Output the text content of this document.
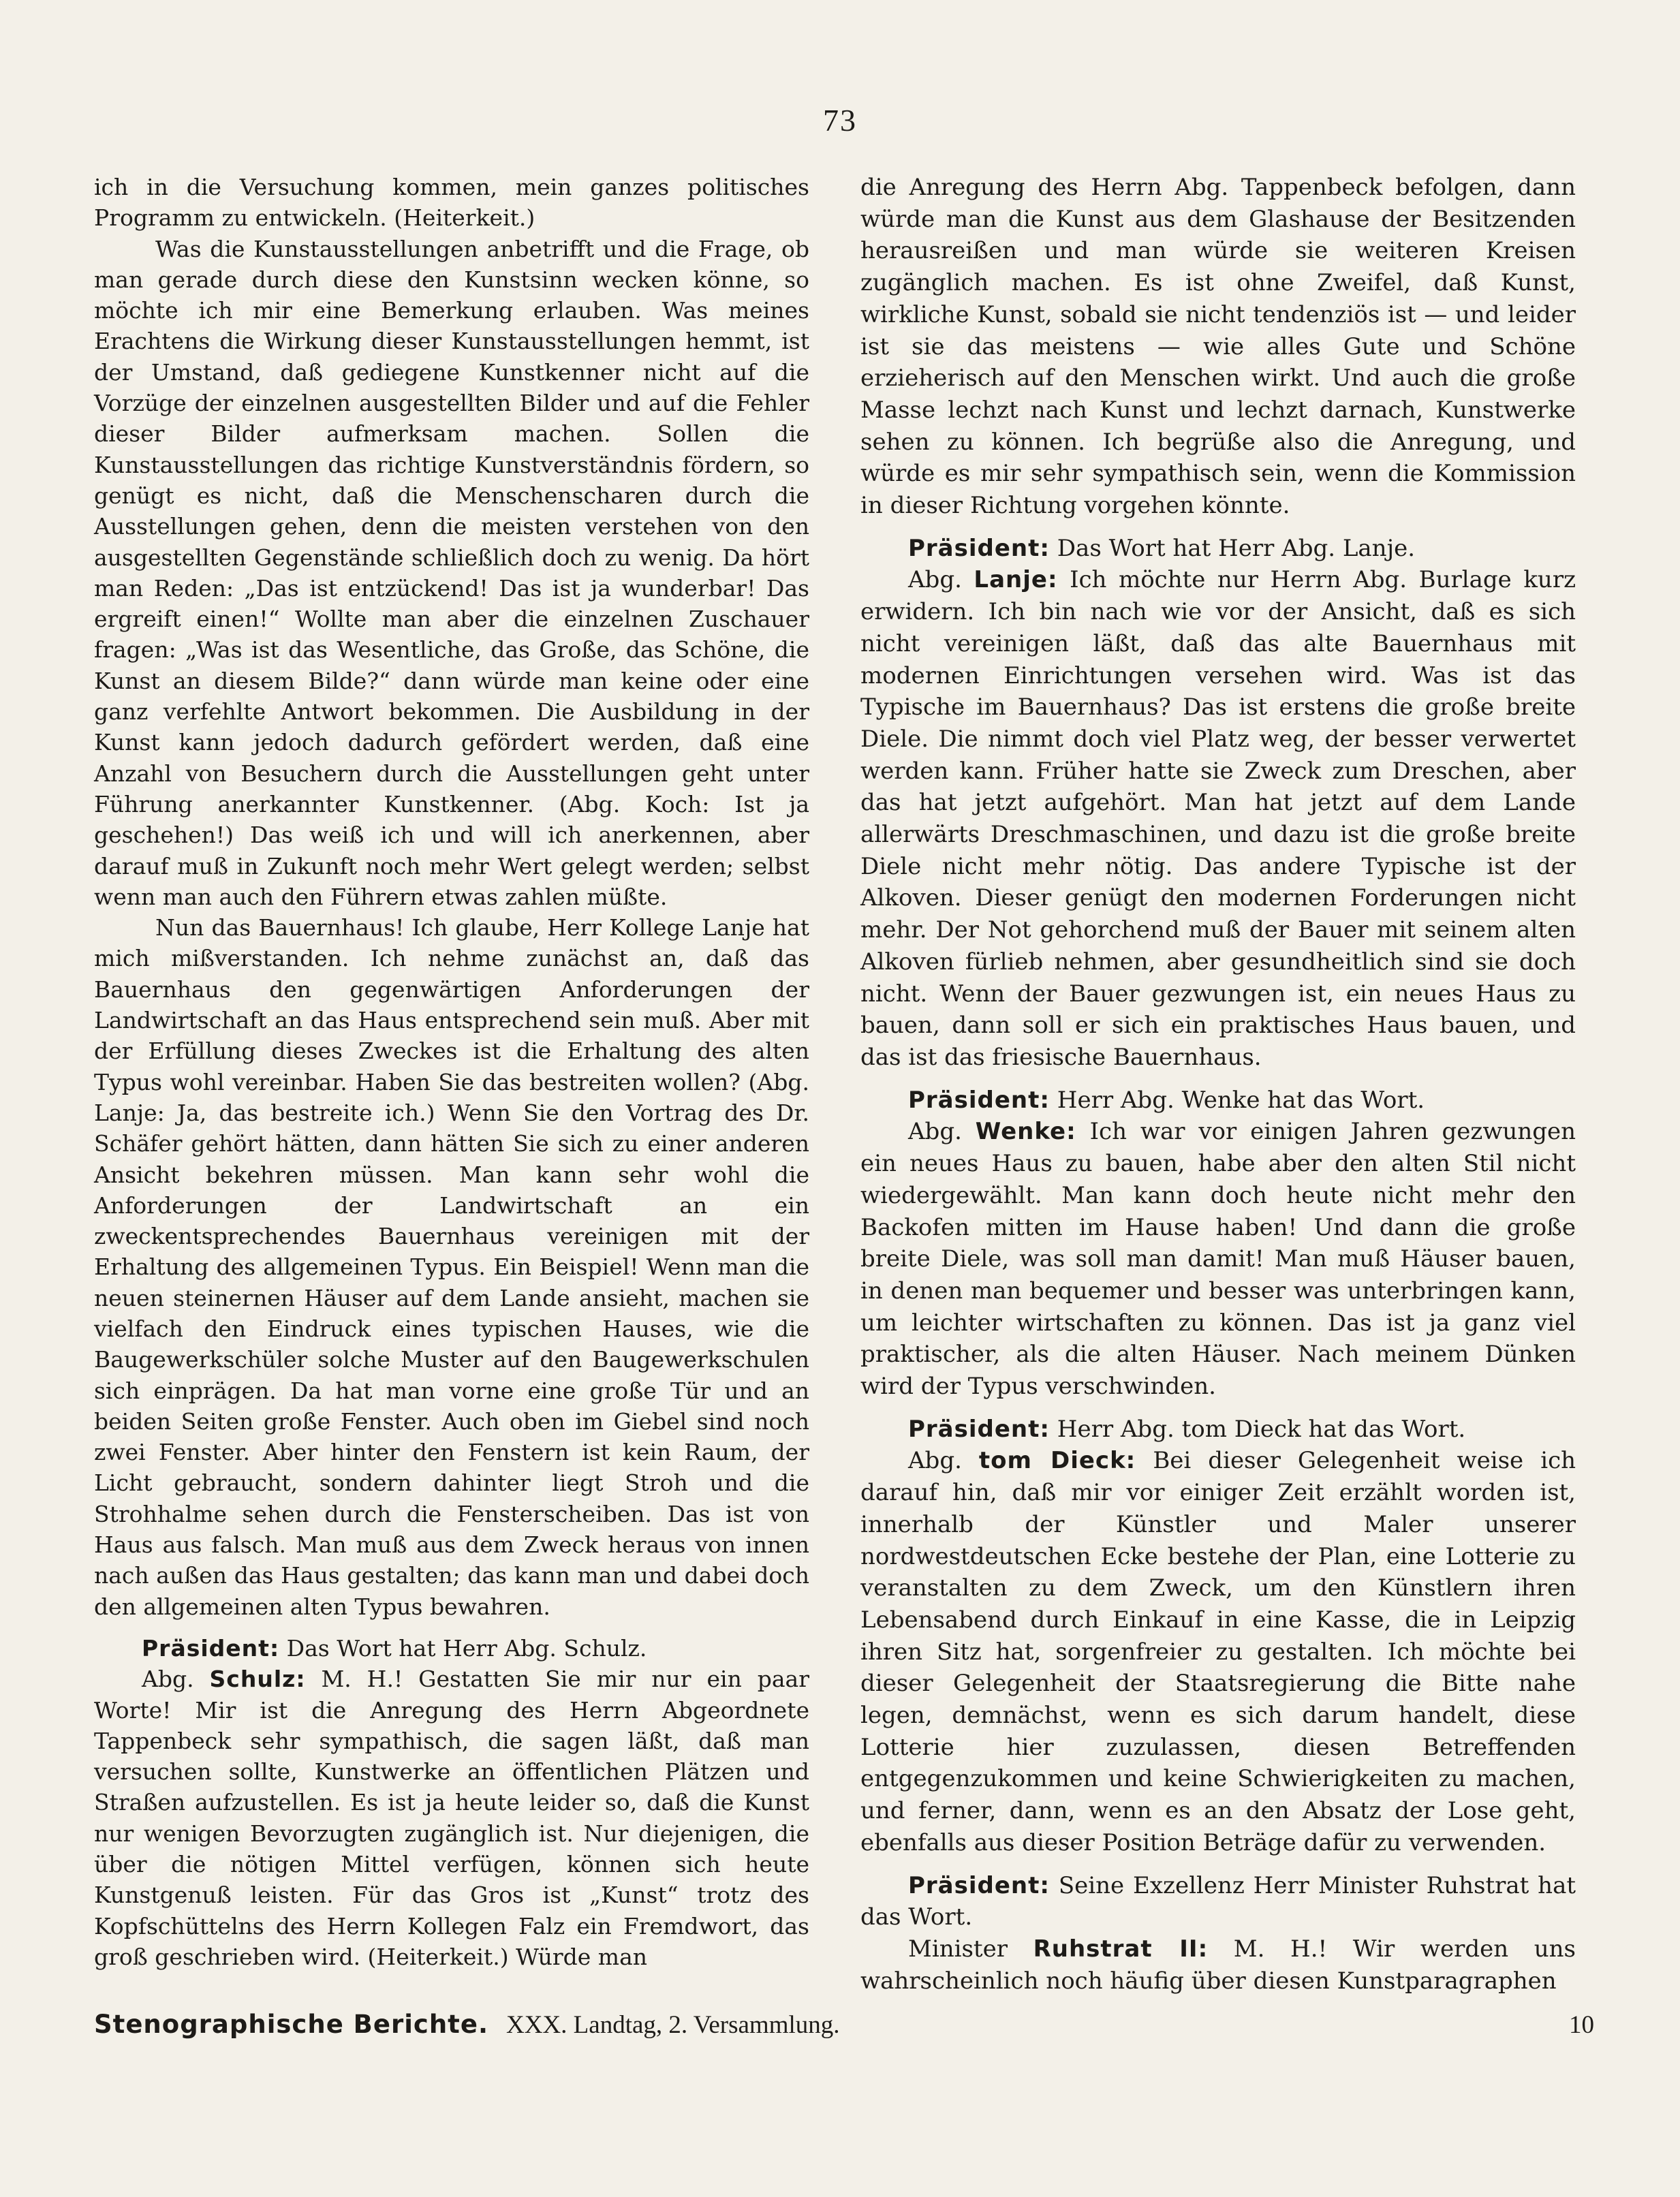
73

ich in die Versuchung kommen, mein ganzes politisches Programm zu entwickeln. (Heiterkeit.)

Was die Kunstausstellungen anbetrifft und die Frage, ob man gerade durch diese den Kunstsinn wecken könne, so möchte ich mir eine Bemerkung erlauben. Was meines Erachtens die Wirkung dieser Kunstausstellungen hemmt, ist der Umstand, daß gediegene Kunstkenner nicht auf die Vorzüge der einzelnen ausgestellten Bilder und auf die Fehler dieser Bilder aufmerksam machen. Sollen die Kunstausstellungen das richtige Kunstverständnis fördern, so genügt es nicht, daß die Menschenscharen durch die Ausstellungen gehen, denn die meisten verstehen von den ausgestellten Gegenstände schließlich doch zu wenig. Da hört man Reden: „Das ist entzückend! Das ist ja wunderbar! Das ergreift einen!“ Wollte man aber die einzelnen Zuschauer fragen: „Was ist das Wesentliche, das Große, das Schöne, die Kunst an diesem Bilde?“ dann würde man keine oder eine ganz verfehlte Antwort bekommen. Die Ausbildung in der Kunst kann jedoch dadurch gefördert werden, daß eine Anzahl von Besuchern durch die Ausstellungen geht unter Führung anerkannter Kunstkenner. (Abg. Koch: Ist ja geschehen!) Das weiß ich und will ich anerkennen, aber darauf muß in Zukunft noch mehr Wert gelegt werden; selbst wenn man auch den Führern etwas zahlen müßte.

Nun das Bauernhaus! Ich glaube, Herr Kollege Lanje hat mich mißverstanden. Ich nehme zunächst an, daß das Bauernhaus den gegenwärtigen Anforderungen der Landwirtschaft an das Haus entsprechend sein muß. Aber mit der Erfüllung dieses Zweckes ist die Erhaltung des alten Typus wohl vereinbar. Haben Sie das bestreiten wollen? (Abg. Lanje: Ja, das bestreite ich.) Wenn Sie den Vortrag des Dr. Schäfer gehört hätten, dann hätten Sie sich zu einer anderen Ansicht bekehren müssen. Man kann sehr wohl die Anforderungen der Landwirtschaft an ein zweckentsprechendes Bauernhaus vereinigen mit der Erhaltung des allgemeinen Typus. Ein Beispiel! Wenn man die neuen steinernen Häuser auf dem Lande ansieht, machen sie vielfach den Eindruck eines typischen Hauses, wie die Baugewerkschüler solche Muster auf den Baugewerkschulen sich einprägen. Da hat man vorne eine große Tür und an beiden Seiten große Fenster. Auch oben im Giebel sind noch zwei Fenster. Aber hinter den Fenstern ist kein Raum, der Licht gebraucht, sondern dahinter liegt Stroh und die Strohhalme sehen durch die Fensterscheiben. Das ist von Haus aus falsch. Man muß aus dem Zweck heraus von innen nach außen das Haus gestalten; das kann man und dabei doch den allgemeinen alten Typus bewahren.

Präsident: Das Wort hat Herr Abg. Schulz.

Abg. Schulz: M. H.! Gestatten Sie mir nur ein paar Worte! Mir ist die Anregung des Herrn Abgeordnete Tappenbeck sehr sympathisch, die sagen läßt, daß man versuchen sollte, Kunstwerke an öffentlichen Plätzen und Straßen aufzustellen. Es ist ja heute leider so, daß die Kunst nur wenigen Bevorzugten zugänglich ist. Nur diejenigen, die über die nötigen Mittel verfügen, können sich heute Kunstgenuß leisten. Für das Gros ist „Kunst“ trotz des Kopfschüttelns des Herrn Kollegen Falz ein Fremdwort, das groß geschrieben wird. (Heiterkeit.) Würde man

die Anregung des Herrn Abg. Tappenbeck befolgen, dann würde man die Kunst aus dem Glashause der Besitzenden herausreißen und man würde sie weiteren Kreisen zugänglich machen. Es ist ohne Zweifel, daß Kunst, wirkliche Kunst, sobald sie nicht tendenziös ist — und leider ist sie das meistens — wie alles Gute und Schöne erzieherisch auf den Menschen wirkt. Und auch die große Masse lechzt nach Kunst und lechzt darnach, Kunstwerke sehen zu können. Ich begrüße also die Anregung, und würde es mir sehr sympathisch sein, wenn die Kommission in dieser Richtung vorgehen könnte.

Präsident: Das Wort hat Herr Abg. Lanje.

Abg. Lanje: Ich möchte nur Herrn Abg. Burlage kurz erwidern. Ich bin nach wie vor der Ansicht, daß es sich nicht vereinigen läßt, daß das alte Bauernhaus mit modernen Einrichtungen versehen wird. Was ist das Typische im Bauernhaus? Das ist erstens die große breite Diele. Die nimmt doch viel Platz weg, der besser verwertet werden kann. Früher hatte sie Zweck zum Dreschen, aber das hat jetzt aufgehört. Man hat jetzt auf dem Lande allerwärts Dreschmaschinen, und dazu ist die große breite Diele nicht mehr nötig. Das andere Typische ist der Alkoven. Dieser genügt den modernen Forderungen nicht mehr. Der Not gehorchend muß der Bauer mit seinem alten Alkoven fürlieb nehmen, aber gesundheitlich sind sie doch nicht. Wenn der Bauer gezwungen ist, ein neues Haus zu bauen, dann soll er sich ein praktisches Haus bauen, und das ist das friesische Bauernhaus.

Präsident: Herr Abg. Wenke hat das Wort.

Abg. Wenke: Ich war vor einigen Jahren gezwungen ein neues Haus zu bauen, habe aber den alten Stil nicht wiedergewählt. Man kann doch heute nicht mehr den Backofen mitten im Hause haben! Und dann die große breite Diele, was soll man damit! Man muß Häuser bauen, in denen man bequemer und besser was unterbringen kann, um leichter wirtschaften zu können. Das ist ja ganz viel praktischer, als die alten Häuser. Nach meinem Dünken wird der Typus verschwinden.

Präsident: Herr Abg. tom Dieck hat das Wort.

Abg. tom Dieck: Bei dieser Gelegenheit weise ich darauf hin, daß mir vor einiger Zeit erzählt worden ist, innerhalb der Künstler und Maler unserer nordwestdeutschen Ecke bestehe der Plan, eine Lotterie zu veranstalten zu dem Zweck, um den Künstlern ihren Lebensabend durch Einkauf in eine Kasse, die in Leipzig ihren Sitz hat, sorgenfreier zu gestalten. Ich möchte bei dieser Gelegenheit der Staatsregierung die Bitte nahe legen, demnächst, wenn es sich darum handelt, diese Lotterie hier zuzulassen, diesen Betreffenden entgegenzukommen und keine Schwierigkeiten zu machen, und ferner, dann, wenn es an den Absatz der Lose geht, ebenfalls aus dieser Position Beträge dafür zu verwenden.

Präsident: Seine Exzellenz Herr Minister Ruhstrat hat das Wort.

Minister Ruhstrat II: M. H.! Wir werden uns wahrscheinlich noch häufig über diesen Kunstparagraphen

Stenographische Berichte. XXX. Landtag, 2. Versammlung.	10
